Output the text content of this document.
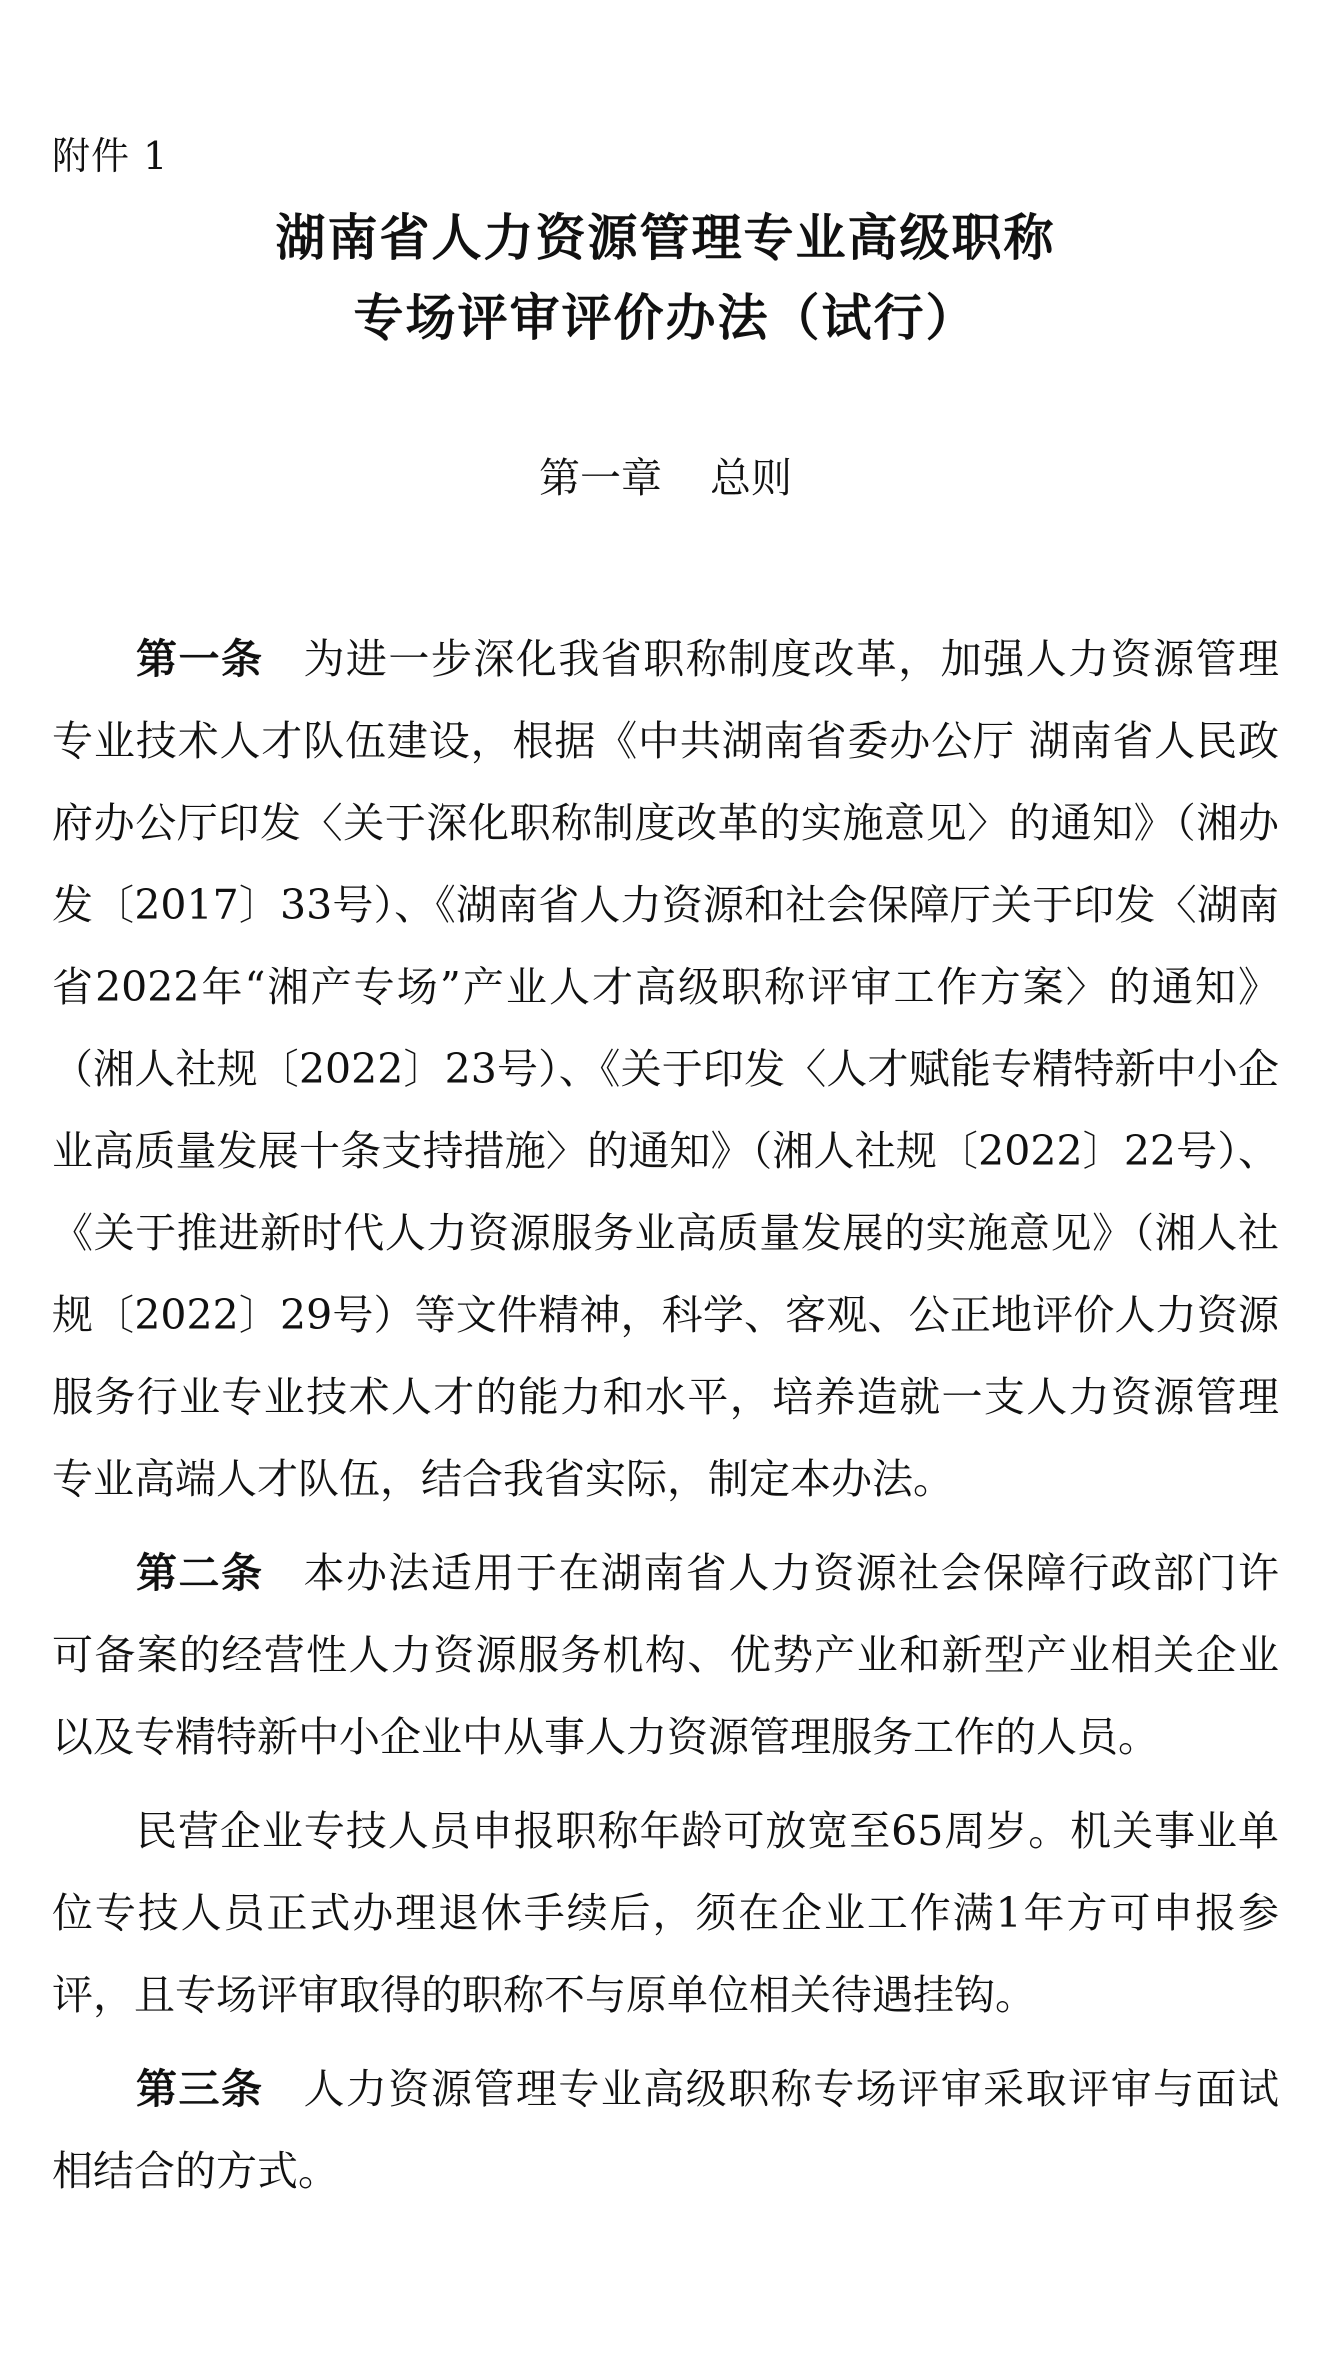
附件 1
湖南省人力资源管理专业高级职称
专场评审评价办法（试行）
第一章 总则

第一条 为进一步深化我省职称制度改革，加强人力资源管理专业技术人才队伍建设，根据《中共湖南省委办公厅 湖南省人民政府办公厅印发〈关于深化职称制度改革的实施意见〉的通知》（湘办发〔2017〕33号）、《湖南省人力资源和社会保障厅关于印发〈湖南省2022年“湘产专场”产业人才高级职称评审工作方案〉的通知》（湘人社规〔2022〕23号）、《关于印发〈人才赋能专精特新中小企业高质量发展十条支持措施〉的通知》（湘人社规〔2022〕22号）、《关于推进新时代人力资源服务业高质量发展的实施意见》（湘人社规〔2022〕29号）等文件精神，科学、客观、公正地评价人力资源服务行业专业技术人才的能力和水平，培养造就一支人力资源管理专业高端人才队伍，结合我省实际，制定本办法。

第二条 本办法适用于在湖南省人力资源社会保障行政部门许可备案的经营性人力资源服务机构、优势产业和新型产业相关企业以及专精特新中小企业中从事人力资源管理服务工作的人员。

民营企业专技人员申报职称年龄可放宽至65周岁。机关事业单位专技人员正式办理退休手续后，须在企业工作满1年方可申报参评，且专场评审取得的职称不与原单位相关待遇挂钩。

第三条 人力资源管理专业高级职称专场评审采取评审与面试相结合的方式。
